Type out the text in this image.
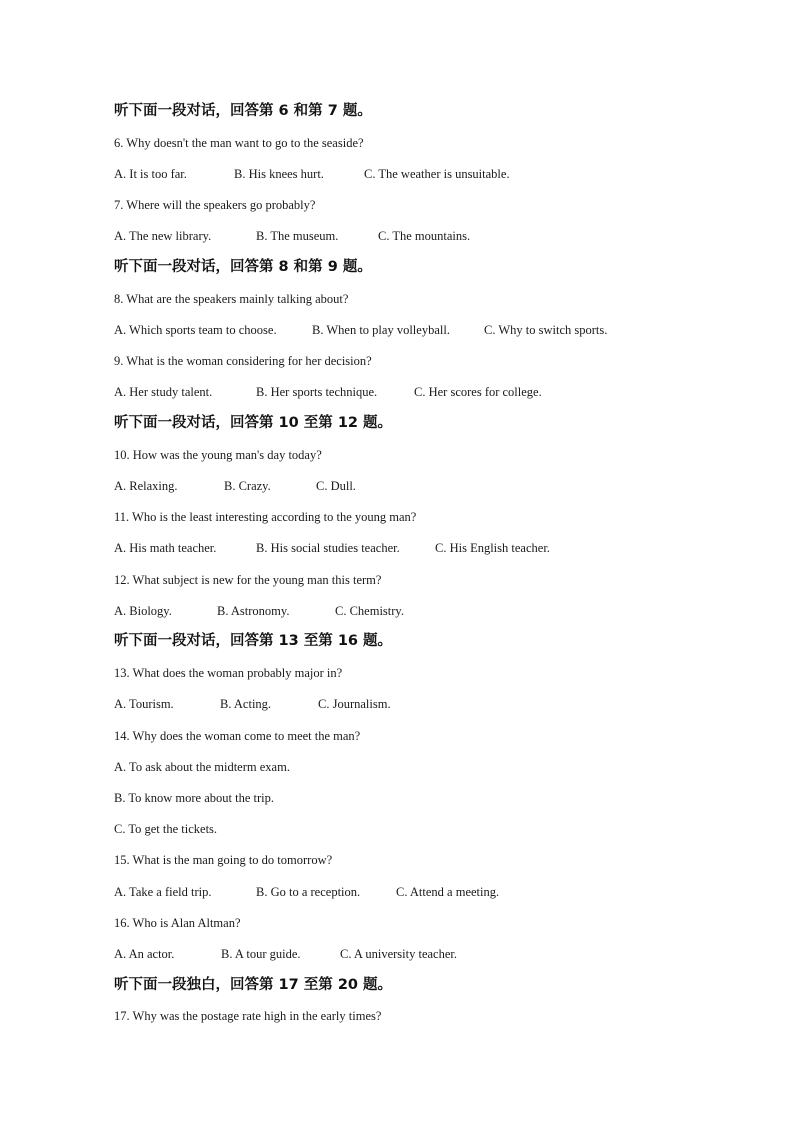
听下面一段对话，回答第 6 和第 7 题。
6. Why doesn't the man want to go to the seaside?
A. It is too far.	B. His knees hurt.	C. The weather is unsuitable.
7. Where will the speakers go probably?
A. The new library.	B. The museum.	C. The mountains.
听下面一段对话，回答第 8 和第 9 题。
8. What are the speakers mainly talking about?
A. Which sports team to choose.	B. When to play volleyball.	C. Why to switch sports.
9. What is the woman considering for her decision?
A. Her study talent.	B. Her sports technique.	C. Her scores for college.
听下面一段对话，回答第 10 至第 12 题。
10. How was the young man's day today?
A. Relaxing.	B. Crazy.	C. Dull.
11. Who is the least interesting according to the young man?
A. His math teacher.	B. His social studies teacher.	C. His English teacher.
12. What subject is new for the young man this term?
A. Biology.	B. Astronomy.	C. Chemistry.
听下面一段对话，回答第 13 至第 16 题。
13. What does the woman probably major in?
A. Tourism.	B. Acting.	C. Journalism.
14. Why does the woman come to meet the man?
A. To ask about the midterm exam.
B. To know more about the trip.
C. To get the tickets.
15. What is the man going to do tomorrow?
A. Take a field trip.	B. Go to a reception.	C. Attend a meeting.
16. Who is Alan Altman?
A. An actor.	B. A tour guide.	C. A university teacher.
听下面一段独白，回答第 17 至第 20 题。
17. Why was the postage rate high in the early times?
